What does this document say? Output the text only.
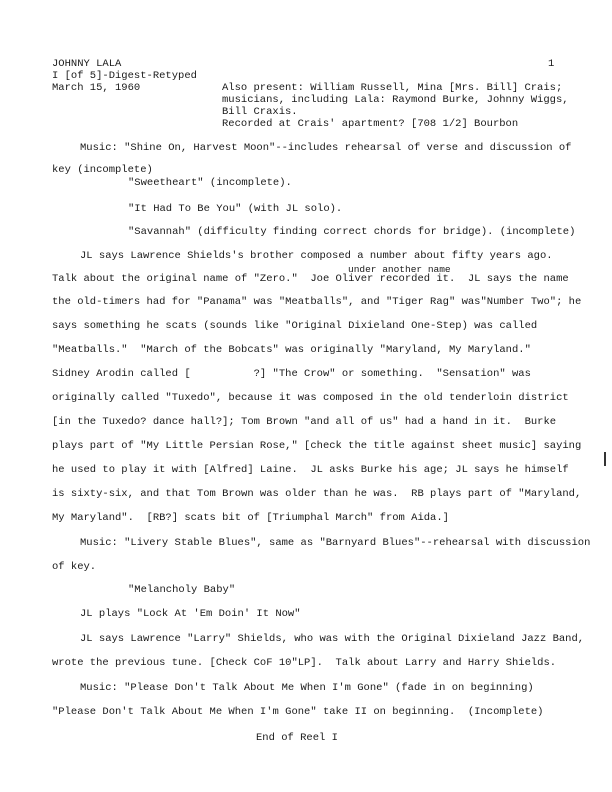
JOHNNY LALA
I [of 5]-Digest-Retyped
March 15, 1960
1
Also present: William Russell, Mina [Mrs. Bill] Crais;
musicians, including Lala: Raymond Burke, Johnny Wiggs,
Bill Craxis.
Recorded at Crais' apartment? [708 1/2] Bourbon
Music: "Shine On, Harvest Moon"--includes rehearsal of verse and discussion of
key (incomplete)
"Sweetheart" (incomplete).
"It Had To Be You" (with JL solo).
"Savannah" (difficulty finding correct chords for bridge). (incomplete)
JL says Lawrence Shields's brother composed a number about fifty years ago.
under another name
Talk about the original name of "Zero."  Joe Oliver recorded it.  JL says the name
the old-timers had for "Panama" was "Meatballs", and "Tiger Rag" was"Number Two"; he
says something he scats (sounds like "Original Dixieland One-Step) was called
"Meatballs."  "March of the Bobcats" was originally "Maryland, My Maryland."
Sidney Arodin called [          ?] "The Crow" or something.  "Sensation" was
originally called "Tuxedo", because it was composed in the old tenderloin district
[in the Tuxedo? dance hall?]; Tom Brown "and all of us" had a hand in it.  Burke
plays part of "My Little Persian Rose," [check the title against sheet music] saying
he used to play it with [Alfred] Laine.  JL asks Burke his age; JL says he himself
is sixty-six, and that Tom Brown was older than he was.  RB plays part of "Maryland,
My Maryland".  [RB?] scats bit of [Triumphal March" from Aida.]
Music: "Livery Stable Blues", same as "Barnyard Blues"--rehearsal with discussion
of key.
"Melancholy Baby"
JL plays "Lock At 'Em Doin' It Now"
JL says Lawrence "Larry" Shields, who was with the Original Dixieland Jazz Band,
wrote the previous tune. [Check CoF 10"LP].  Talk about Larry and Harry Shields.
Music: "Please Don't Talk About Me When I'm Gone" (fade in on beginning)
"Please Don't Talk About Me When I'm Gone" take II on beginning.  (Incomplete)
End of Reel I
